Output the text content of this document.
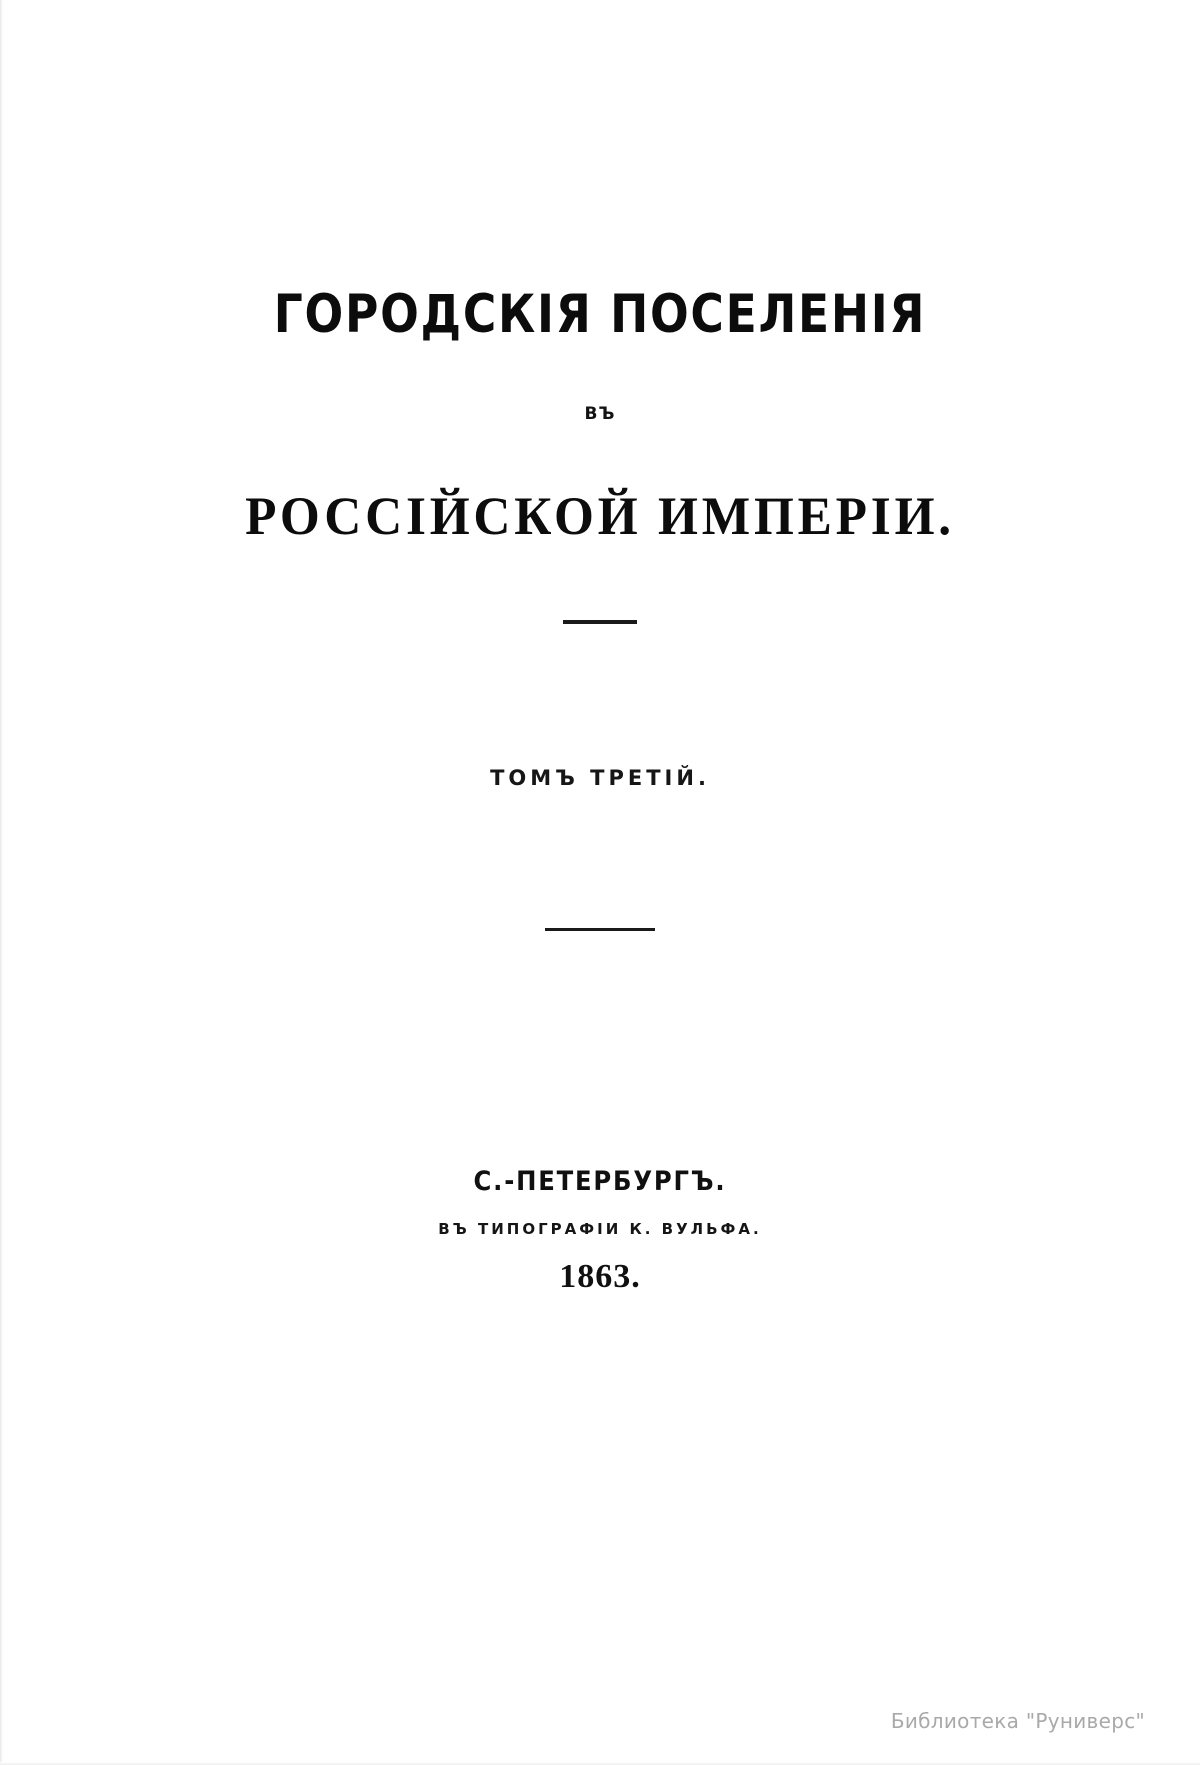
ГОРОДСКІЯ ПОСЕЛЕНІЯ
ВЪ
РОССІЙСКОЙ ИМПЕРІИ.
ТОМЪ ТРЕТІЙ.
С.-ПЕТЕРБУРГЪ.
ВЪ ТИПОГРАФІИ К. ВУЛЬФА.
1863.
Библиотека "Руниверс"
